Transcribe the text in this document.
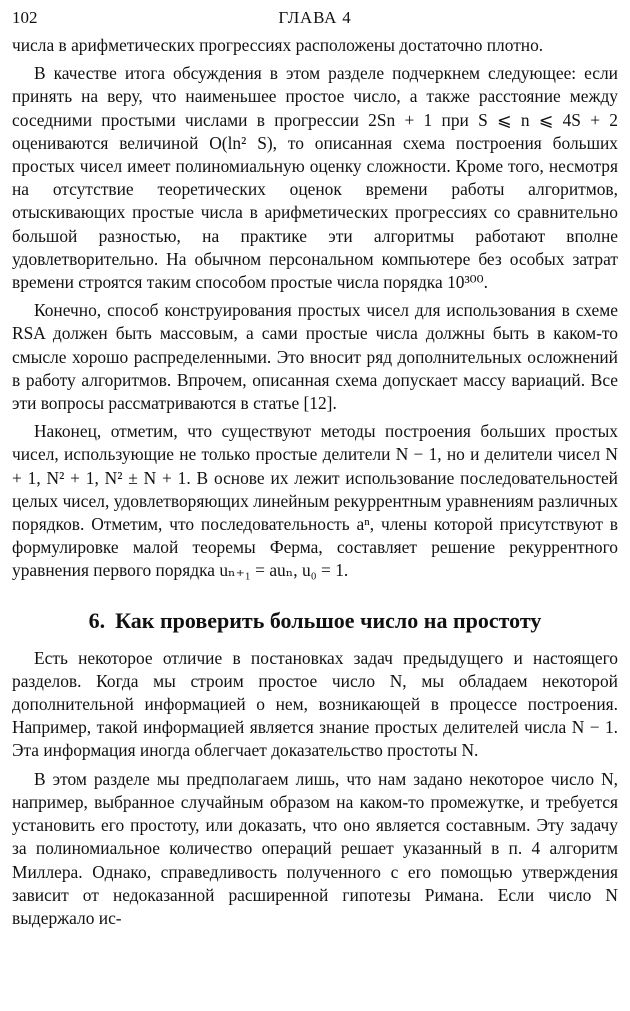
102	ГЛАВА 4

числа в арифметических прогрессиях расположены достаточно плотно.

В качестве итога обсуждения в этом разделе подчеркнем следующее: если принять на веру, что наименьшее простое число, а также расстояние между соседними простыми числами в прогрессии 2Sn + 1 при S ⩽ n ⩽ 4S + 2 оцениваются величиной O(ln² S), то описанная схема построения больших простых чисел имеет полиномиальную оценку сложности. Кроме того, несмотря на отсутствие теоретических оценок времени работы алгоритмов, отыскивающих простые числа в арифметических прогрессиях со сравнительно большой разностью, на практике эти алгоритмы работают вполне удовлетворительно. На обычном персональном компьютере без особых затрат времени строятся таким способом простые числа порядка 10³⁰⁰.

Конечно, способ конструирования простых чисел для использования в схеме RSA должен быть массовым, а сами простые числа должны быть в каком-то смысле хорошо распределенными. Это вносит ряд дополнительных осложнений в работу алгоритмов. Впрочем, описанная схема допускает массу вариаций. Все эти вопросы рассматриваются в статье [12].

Наконец, отметим, что существуют методы построения больших простых чисел, использующие не только простые делители N − 1, но и делители чисел N + 1, N² + 1, N² ± N + 1. В основе их лежит использование последовательностей целых чисел, удовлетворяющих линейным рекуррентным уравнениям различных порядков. Отметим, что последовательность aⁿ, члены которой присутствуют в формулировке малой теоремы Ферма, составляет решение рекуррентного уравнения первого порядка uₙ₊₁ = auₙ, u₀ = 1.

6. Как проверить большое число на простоту

Есть некоторое отличие в постановках задач предыдущего и настоящего разделов. Когда мы строим простое число N, мы обладаем некоторой дополнительной информацией о нем, возникающей в процессе построения. Например, такой информацией является знание простых делителей числа N − 1. Эта информация иногда облегчает доказательство простоты N.

В этом разделе мы предполагаем лишь, что нам задано некоторое число N, например, выбранное случайным образом на каком-то промежутке, и требуется установить его простоту, или доказать, что оно является составным. Эту задачу за полиномиальное количество операций решает указанный в п. 4 алгоритм Миллера. Однако, справедливость полученного с его помощью утверждения зависит от недоказанной расширенной гипотезы Римана. Если число N выдержало ис-
